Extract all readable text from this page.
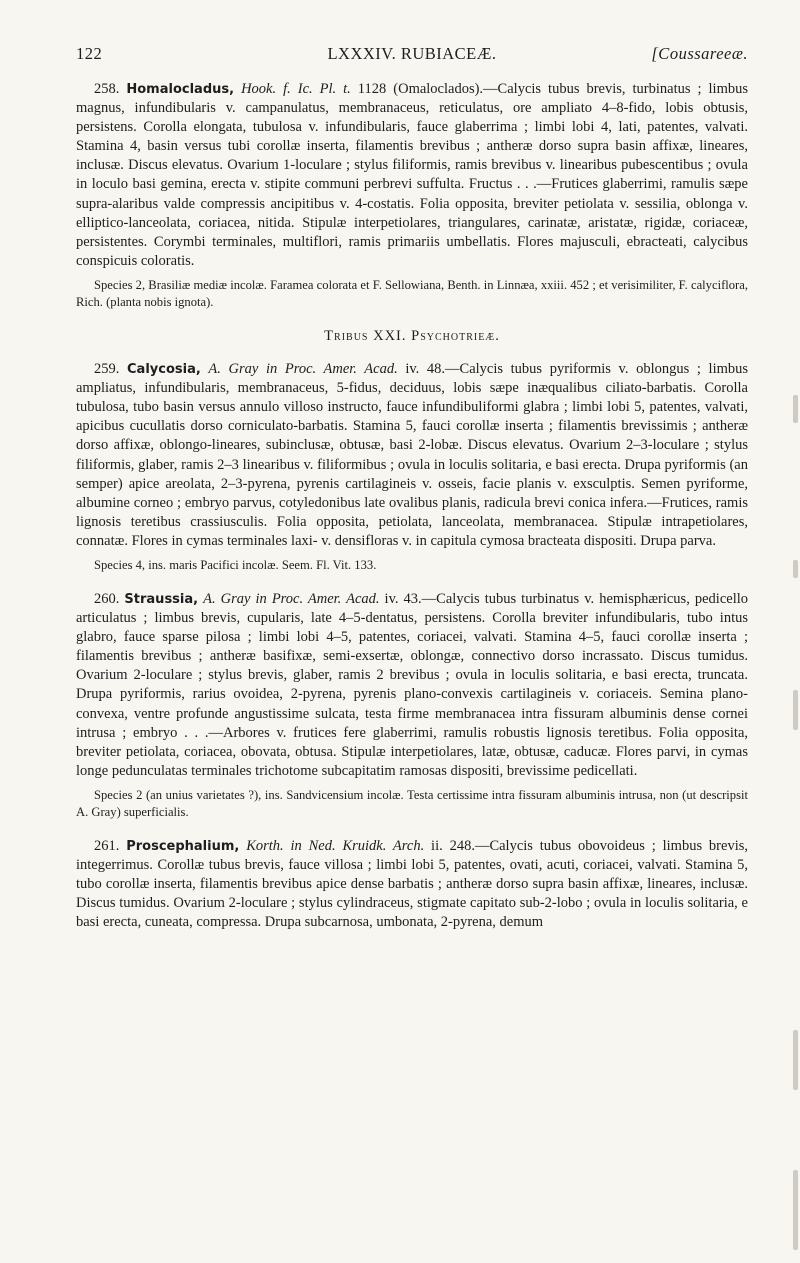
122	LXXXIV. RUBIACEÆ.	[Coussareeæ.

258. Homalocladus, Hook. f. Ic. Pl. t. 1128 (Omaloclados).—Calycis tubus brevis, turbinatus ; limbus magnus, infundibularis v. campanulatus, membranaceus, reticulatus, ore ampliato 4–8-fido, lobis obtusis, persistens. Corolla elongata, tubulosa v. infundibularis, fauce glaberrima ; limbi lobi 4, lati, patentes, valvati. Stamina 4, basin versus tubi corollæ inserta, filamentis brevibus ; antheræ dorso supra basin affixæ, lineares, inclusæ. Discus elevatus. Ovarium 1-loculare ; stylus filiformis, ramis brevibus v. linearibus pubescentibus ; ovula in loculo basi gemina, erecta v. stipite communi perbrevi suffulta. Fructus . . .—Frutices glaberrimi, ramulis sæpe supra-alaribus valde compressis ancipitibus v. 4-costatis. Folia opposita, breviter petiolata v. sessilia, oblonga v. elliptico-lanceolata, coriacea, nitida. Stipulæ interpetiolares, triangulares, carinatæ, aristatæ, rigidæ, coriaceæ, persistentes. Corymbi terminales, multiflori, ramis primariis umbellatis. Flores majusculi, ebracteati, calycibus conspicuis coloratis.

Species 2, Brasiliæ mediæ incolæ. Faramea colorata et F. Sellowiana, Benth. in Linnæa, xxiii. 452 ; et verisimiliter, F. calyciflora, Rich. (planta nobis ignota).

Tribus XXI. Psychotrieæ.

259. Calycosia, A. Gray in Proc. Amer. Acad. iv. 48.—Calycis tubus pyriformis v. oblongus ; limbus ampliatus, infundibularis, membranaceus, 5-fidus, deciduus, lobis sæpe inæqualibus ciliato-barbatis. Corolla tubulosa, tubo basin versus annulo villoso instructo, fauce infundibuliformi glabra ; limbi lobi 5, patentes, valvati, apicibus cucullatis dorso corniculato-barbatis. Stamina 5, fauci corollæ inserta ; filamentis brevissimis ; antheræ dorso affixæ, oblongo-lineares, subinclusæ, obtusæ, basi 2-lobæ. Discus elevatus. Ovarium 2–3-loculare ; stylus filiformis, glaber, ramis 2–3 linearibus v. filiformibus ; ovula in loculis solitaria, e basi erecta. Drupa pyriformis (an semper) apice areolata, 2–3-pyrena, pyrenis cartilagineis v. osseis, facie planis v. exsculptis. Semen pyriforme, albumine corneo ; embryo parvus, cotyledonibus late ovalibus planis, radicula brevi conica infera.—Frutices, ramis lignosis teretibus crassiusculis. Folia opposita, petiolata, lanceolata, membranacea. Stipulæ intrapetiolares, connatæ. Flores in cymas terminales laxi- v. densifloras v. in capitula cymosa bracteata dispositi. Drupa parva.

Species 4, ins. maris Pacifici incolæ. Seem. Fl. Vit. 133.

260. Straussia, A. Gray in Proc. Amer. Acad. iv. 43.—Calycis tubus turbinatus v. hemisphæricus, pedicello articulatus ; limbus brevis, cupularis, late 4–5-dentatus, persistens. Corolla breviter infundibularis, tubo intus glabro, fauce sparse pilosa ; limbi lobi 4–5, patentes, coriacei, valvati. Stamina 4–5, fauci corollæ inserta ; filamentis brevibus ; antheræ basifixæ, semi-exsertæ, oblongæ, connectivo dorso incrassato. Discus tumidus. Ovarium 2-loculare ; stylus brevis, glaber, ramis 2 brevibus ; ovula in loculis solitaria, e basi erecta, truncata. Drupa pyriformis, rarius ovoidea, 2-pyrena, pyrenis plano-convexis cartilagineis v. coriaceis. Semina plano-convexa, ventre profunde angustissime sulcata, testa firme membranacea intra fissuram albuminis dense cornei intrusa ; embryo . . .—Arbores v. frutices fere glaberrimi, ramulis robustis lignosis teretibus. Folia opposita, breviter petiolata, coriacea, obovata, obtusa. Stipulæ interpetiolares, latæ, obtusæ, caducæ. Flores parvi, in cymas longe pedunculatas terminales trichotome subcapitatim ramosas dispositi, brevissime pedicellati.

Species 2 (an unius varietates ?), ins. Sandvicensium incolæ. Testa certissime intra fissuram albuminis intrusa, non (ut descripsit A. Gray) superficialis.

261. Proscephalium, Korth. in Ned. Kruidk. Arch. ii. 248.—Calycis tubus obovoideus ; limbus brevis, integerrimus. Corollæ tubus brevis, fauce villosa ; limbi lobi 5, patentes, ovati, acuti, coriacei, valvati. Stamina 5, tubo corollæ inserta, filamentis brevibus apice dense barbatis ; antheræ dorso supra basin affixæ, lineares, inclusæ. Discus tumidus. Ovarium 2-loculare ; stylus cylindraceus, stigmate capitato sub-2-lobo ; ovula in loculis solitaria, e basi erecta, cuneata, compressa. Drupa subcarnosa, umbonata, 2-pyrena, demum
